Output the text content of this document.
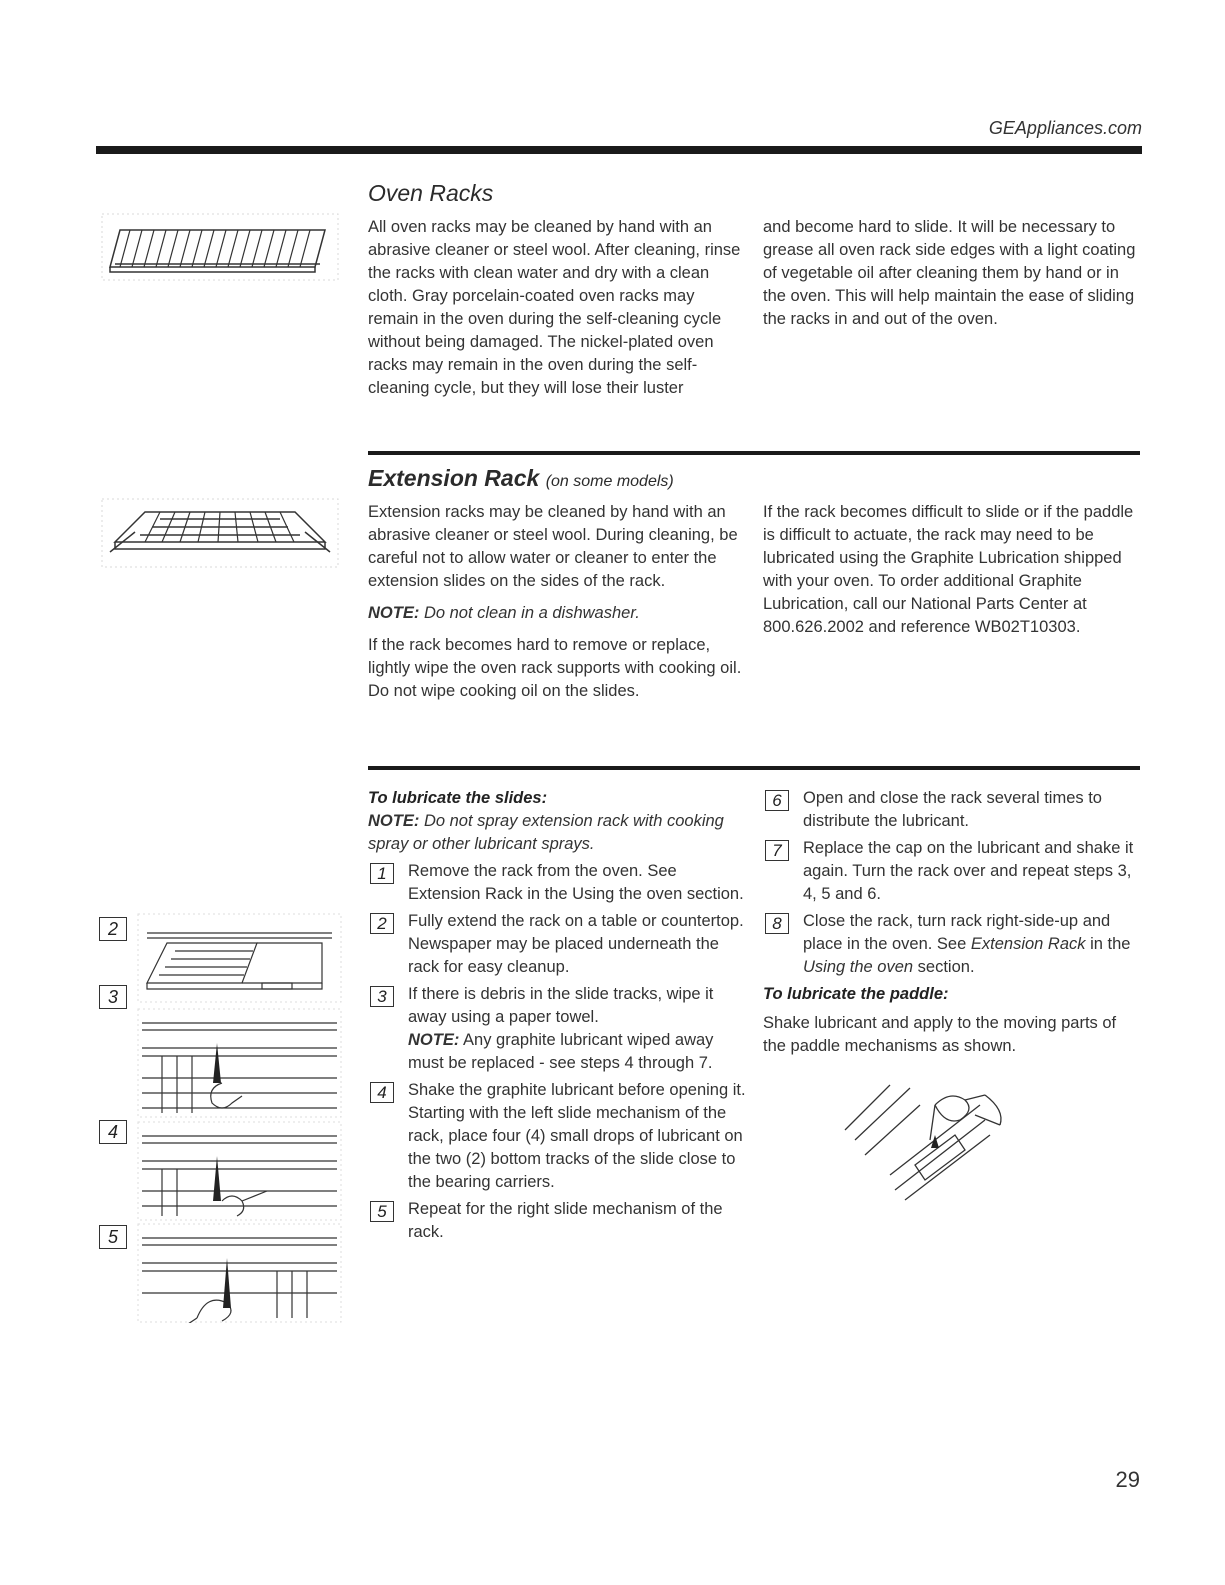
GEAppliances.com
Oven Racks

All oven racks may be cleaned by hand with an abrasive cleaner or steel wool. After cleaning, rinse the racks with clean water and dry with a clean cloth. Gray porcelain-coated oven racks may remain in the oven during the self-cleaning cycle without being damaged. The nickel-plated oven racks may remain in the oven during the self-cleaning cycle, but they will lose their luster

and become hard to slide. It will be necessary to grease all oven rack side edges with a light coating of vegetable oil after cleaning them by hand or in the oven. This will help maintain the ease of sliding the racks in and out of the oven.

Extension Rack (on some models)

Extension racks may be cleaned by hand with an abrasive cleaner or steel wool. During cleaning, be careful not to allow water or cleaner to enter the extension slides on the sides of the rack.

NOTE: Do not clean in a dishwasher.

If the rack becomes hard to remove or replace, lightly wipe the oven rack supports with cooking oil. Do not wipe cooking oil on the slides.

If the rack becomes difficult to slide or if the paddle is difficult to actuate, the rack may need to be lubricated using the Graphite Lubrication shipped with your oven. To order additional Graphite Lubrication, call our National Parts Center at 800.626.2002 and reference WB02T10303.

To lubricate the slides:

NOTE: Do not spray extension rack with cooking spray or other lubricant sprays.

1	Remove the rack from the oven. See Extension Rack in the Using the oven section.
2	Fully extend the rack on a table or countertop. Newspaper may be placed underneath the rack for easy cleanup.
3	If there is debris in the slide tracks, wipe it away using a paper towel.
NOTE: Any graphite lubricant wiped away must be replaced - see steps 4 through 7.
4	Shake the graphite lubricant before opening it. Starting with the left slide mechanism of the rack, place four (4) small drops of lubricant on the two (2) bottom tracks of the slide close to the bearing carriers.
5	Repeat for the right slide mechanism of the rack.
6	Open and close the rack several times to distribute the lubricant.
7	Replace the cap on the lubricant and shake it again. Turn the rack over and repeat steps 3, 4, 5 and 6.
8	Close the rack, turn rack right-side-up and place in the oven. See Extension Rack in the Using the oven section.
To lubricate the paddle:

Shake lubricant and apply to the moving parts of the paddle mechanisms as shown.

2
3
4
5
29
